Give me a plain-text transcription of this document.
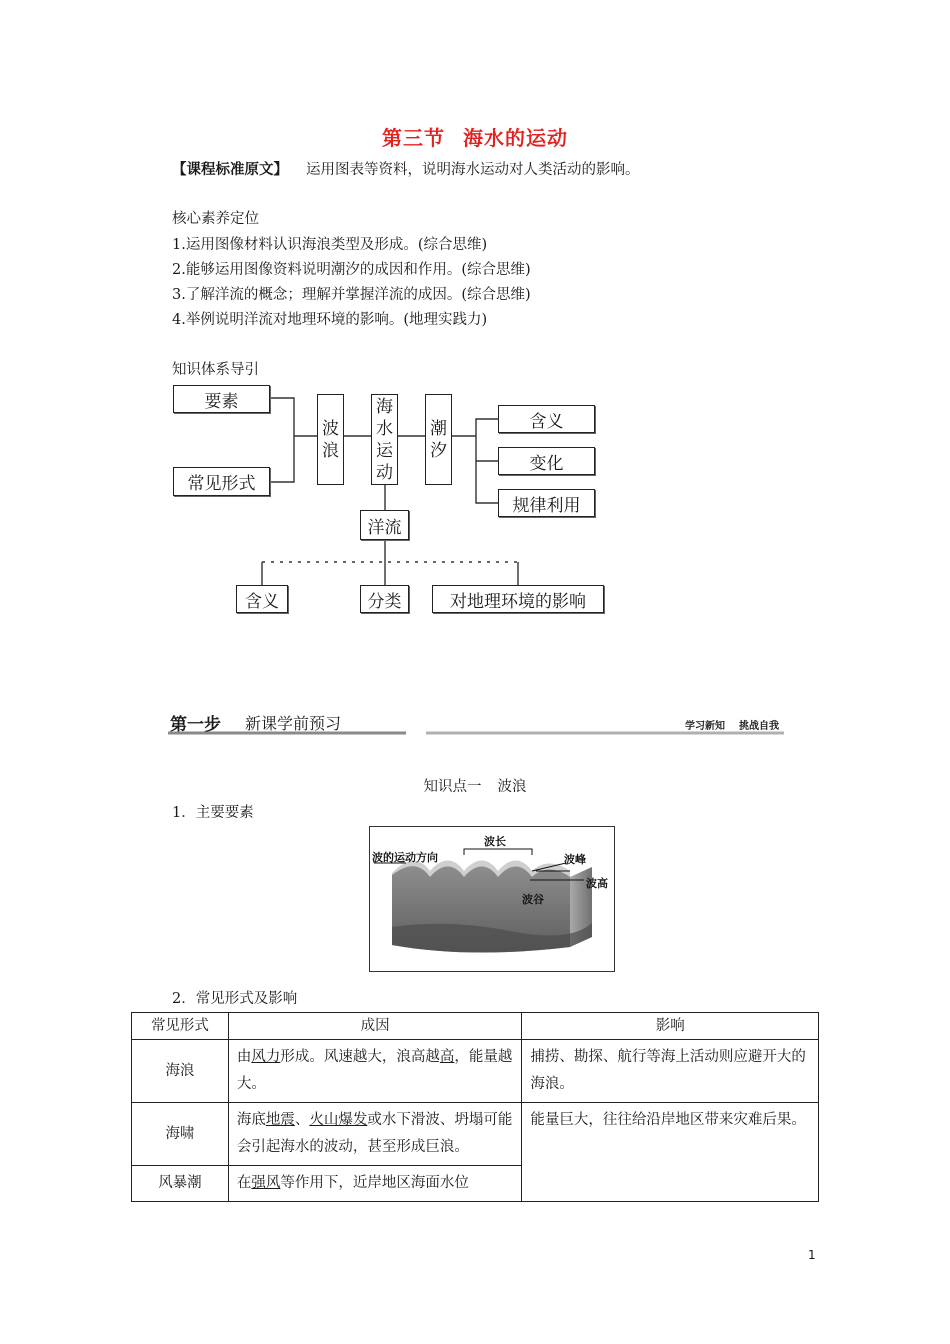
第三节 海水的运动
【课程标准原文】 运用图表等资料，说明海水运动对人类活动的影响。
核心素养定位
1.运用图像材料认识海浪类型及形成。(综合思维)
2.能够运用图像资料说明潮汐的成因和作用。(综合思维)
3.了解洋流的概念；理解并掌握洋流的成因。(综合思维)
4.举例说明洋流对地理环境的影响。(地理实践力)
知识体系导引
要素
常见形式
波
浪
海
水
运
动
潮
汐
含义
变化
规律利用
洋流
含义	分类	对地理环境的影响
第一步 新课学前预习	学习新知 挑战自我
知识点一 波浪
1．主要要素
波的运动方向
波长
波峰
波高
波谷
2．常见形式及影响
常见形式	成因	影响
海浪	由风力形成。风速越大，浪高越高，能量越大。	捕捞、勘探、航行等海上活动则应避开大的海浪。
海啸	海底地震、火山爆发或水下滑波、坍塌可能会引起海水的波动，甚至形成巨浪。	能量巨大，往往给沿岸地区带来灾难后果。
风暴潮	在强风等作用下，近岸地区海面水位	
1
